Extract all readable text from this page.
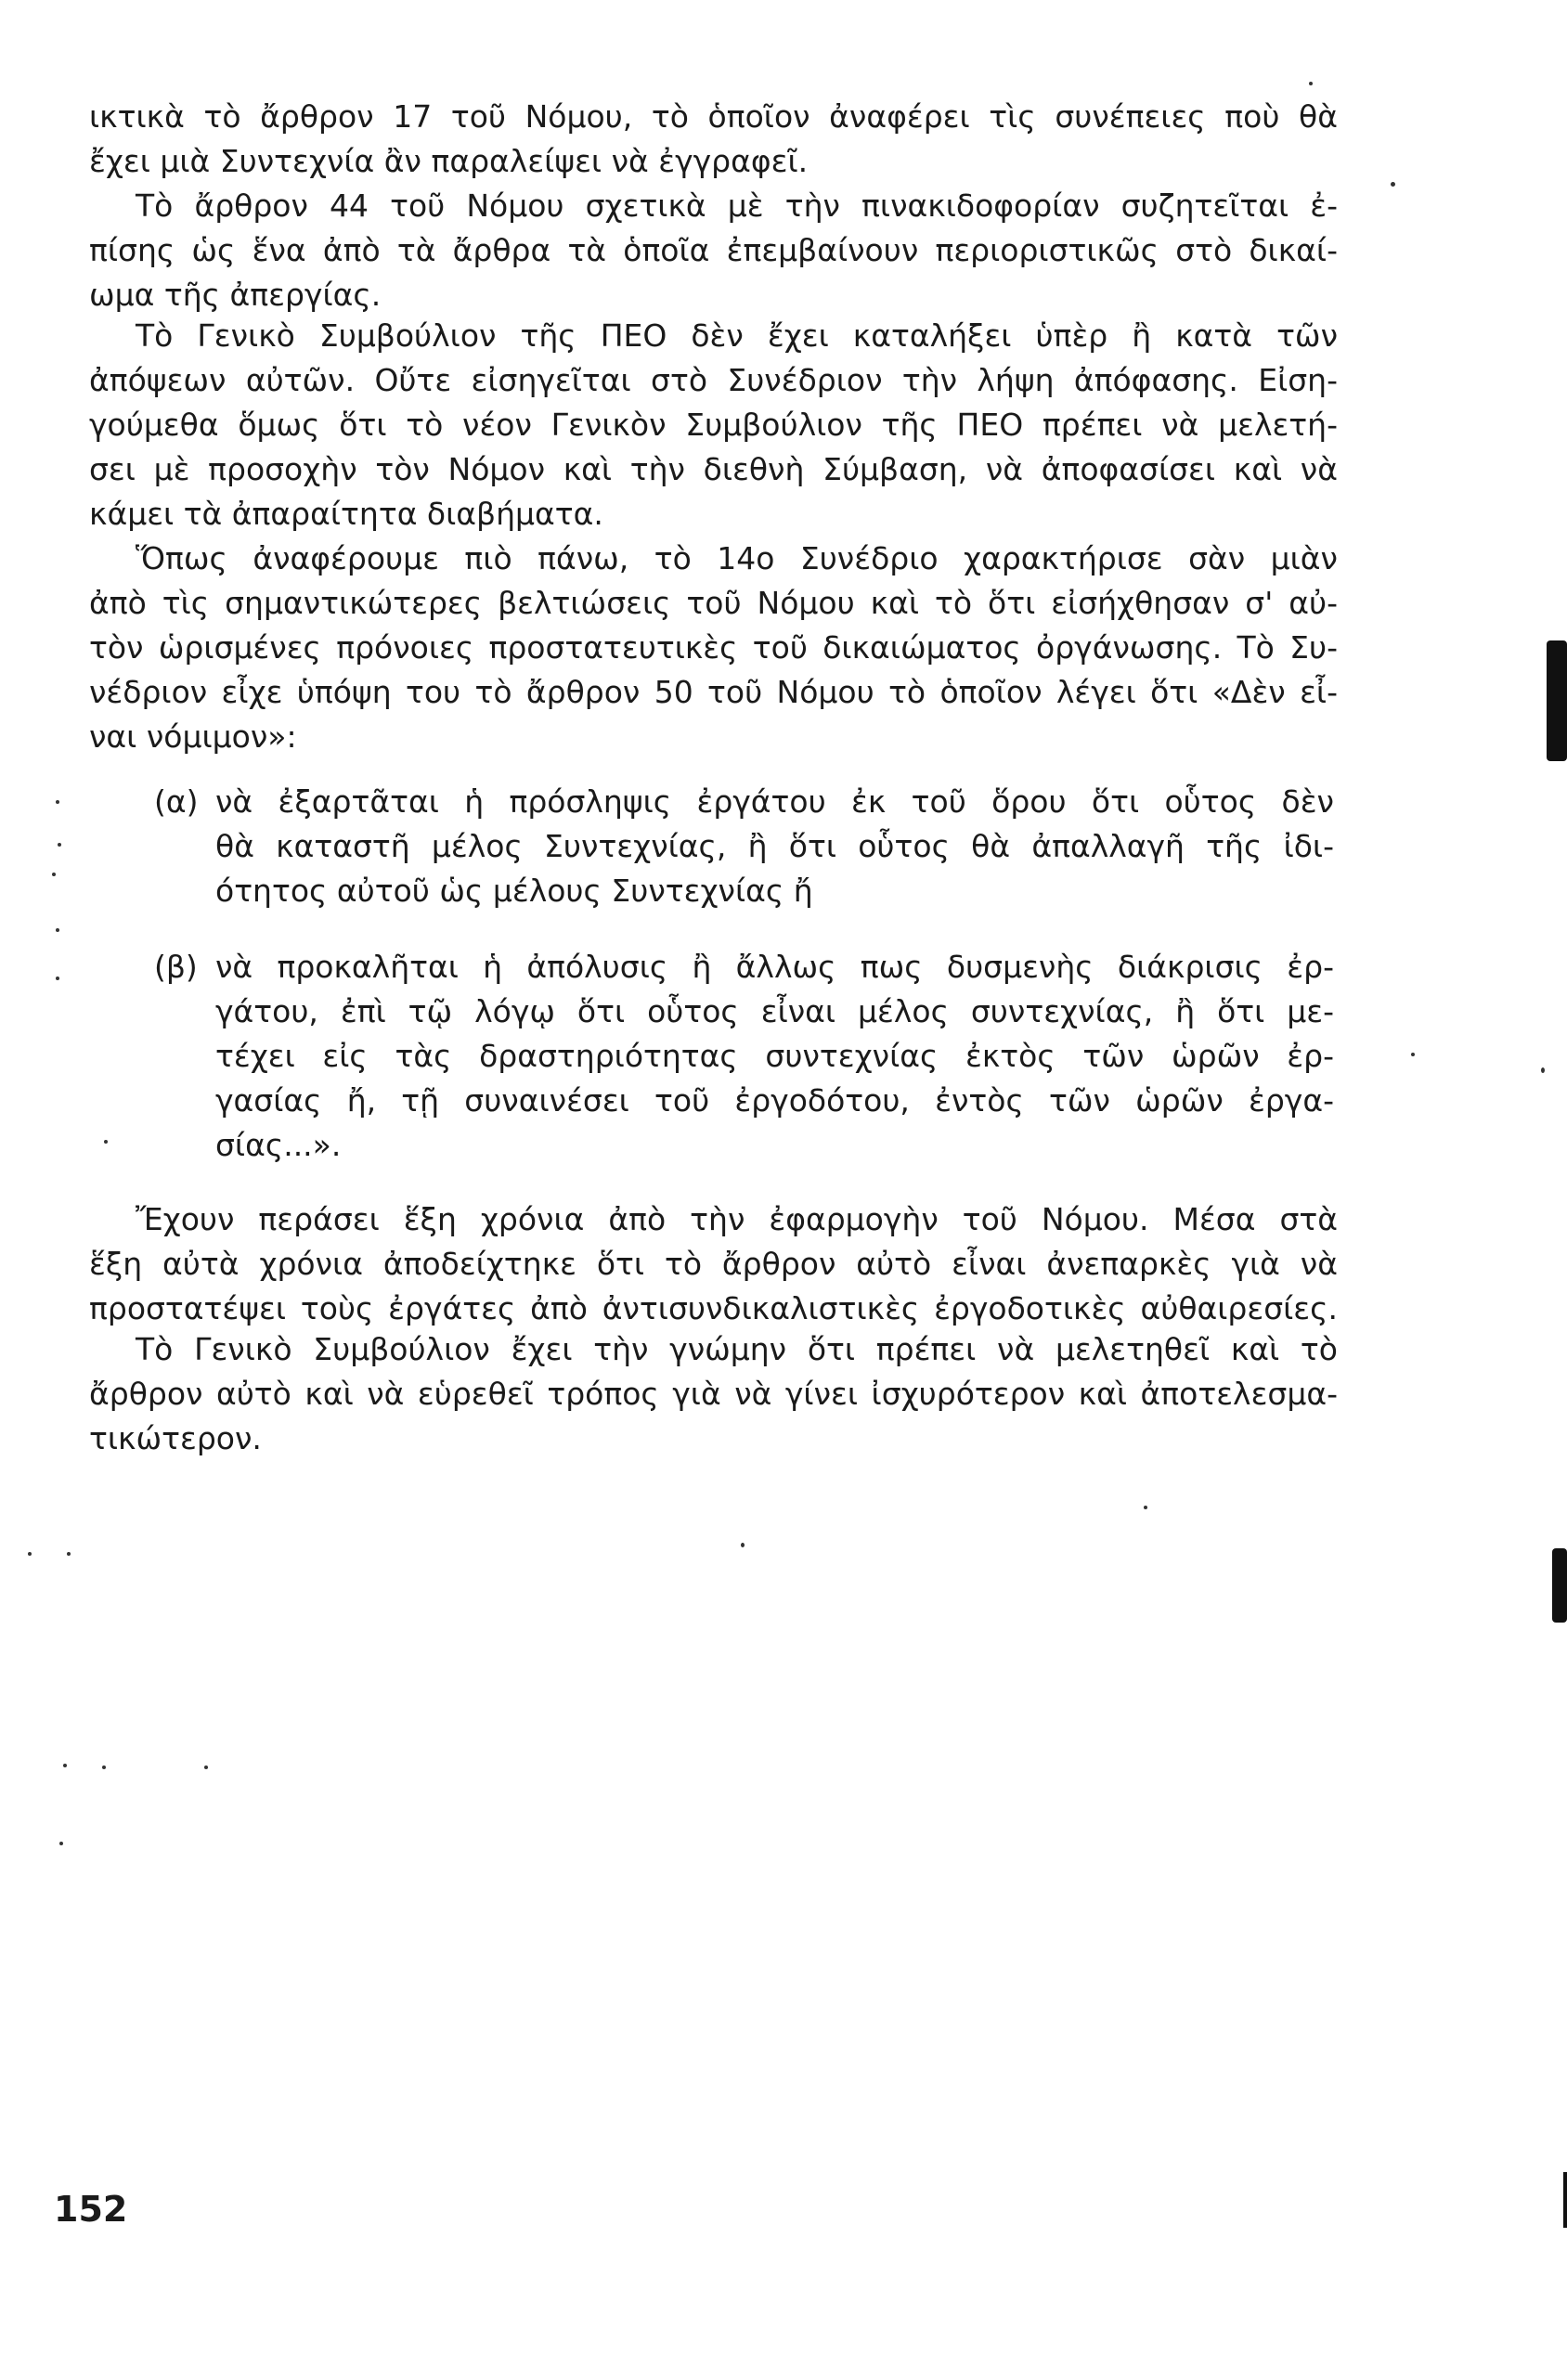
ικτικὰ τὸ ἄρθρον 17 τοῦ Νόμου, τὸ ὁποῖον ἀναφέρει τὶς συνέπειες ποὺ θὰ
ἔχει μιὰ Συντεχνία ἂν παραλείψει νὰ ἐγγραφεῖ.
Τὸ ἄρθρον 44 τοῦ Νόμου σχετικὰ μὲ τὴν πινακιδοφορίαν συζητεῖται ἐ-
πίσης ὡς ἕνα ἀπὸ τὰ ἄρθρα τὰ ὁποῖα ἐπεμβαίνουν περιοριστικῶς στὸ δικαί-
ωμα τῆς ἀπεργίας.
Τὸ Γενικὸ Συμβούλιον τῆς ΠΕΟ δὲν ἔχει καταλήξει ὑπὲρ ἢ κατὰ τῶν
ἀπόψεων αὐτῶν. Οὔτε εἰσηγεῖται στὸ Συνέδριον τὴν λήψη ἀπόφασης. Εἰση-
γούμεθα ὅμως ὅτι τὸ νέον Γενικὸν Συμβούλιον τῆς ΠΕΟ πρέπει νὰ μελετή-
σει μὲ προσοχὴν τὸν Νόμον καὶ τὴν διεθνὴ Σύμβαση, νὰ ἀποφασίσει καὶ νὰ
κάμει τὰ ἀπαραίτητα διαβήματα.
Ὅπως ἀναφέρουμε πιὸ πάνω, τὸ 14ο Συνέδριο χαρακτήρισε σὰν μιὰν
ἀπὸ τὶς σημαντικώτερες βελτιώσεις τοῦ Νόμου καὶ τὸ ὅτι εἰσήχθησαν σ' αὐ-
τὸν ὡρισμένες πρόνοιες προστατευτικὲς τοῦ δικαιώματος ὀργάνωσης. Τὸ Συ-
νέδριον εἶχε ὑπόψη του τὸ ἄρθρον 50 τοῦ Νόμου τὸ ὁποῖον λέγει ὅτι «Δὲν εἶ-
ναι νόμιμον»:
(α) νὰ ἐξαρτᾶται ἡ πρόσληψις ἐργάτου ἐκ τοῦ ὅρου ὅτι οὗτος δὲν
θὰ καταστῆ μέλος Συντεχνίας, ἢ ὅτι οὗτος θὰ ἀπαλλαγῆ τῆς ἰδι-
ότητος αὐτοῦ ὡς μέλους Συντεχνίας ἤ
(β) νὰ προκαλῆται ἡ ἀπόλυσις ἢ ἄλλως πως δυσμενὴς διάκρισις ἐρ-
γάτου, ἐπὶ τῷ λόγῳ ὅτι οὗτος εἶναι μέλος συντεχνίας, ἢ ὅτι με-
τέχει εἰς τὰς δραστηριότητας συντεχνίας ἐκτὸς τῶν ὡρῶν ἐρ-
γασίας ἤ, τῇ συναινέσει τοῦ ἐργοδότου, ἐντὸς τῶν ὡρῶν ἐργα-
σίας...».
Ἔχουν περάσει ἕξη χρόνια ἀπὸ τὴν ἐφαρμογὴν τοῦ Νόμου. Μέσα στὰ
ἕξη αὐτὰ χρόνια ἀποδείχτηκε ὅτι τὸ ἄρθρον αὐτὸ εἶναι ἀνεπαρκὲς γιὰ νὰ
προστατέψει τοὺς ἐργάτες ἀπὸ ἀντισυνδικαλιστικὲς ἐργοδοτικὲς αὐθαιρεσίες.
Τὸ Γενικὸ Συμβούλιον ἔχει τὴν γνώμην ὅτι πρέπει νὰ μελετηθεῖ καὶ τὸ
ἄρθρον αὐτὸ καὶ νὰ εὑρεθεῖ τρόπος γιὰ νὰ γίνει ἰσχυρότερον καὶ ἀποτελεσμα-
τικώτερον.
152
